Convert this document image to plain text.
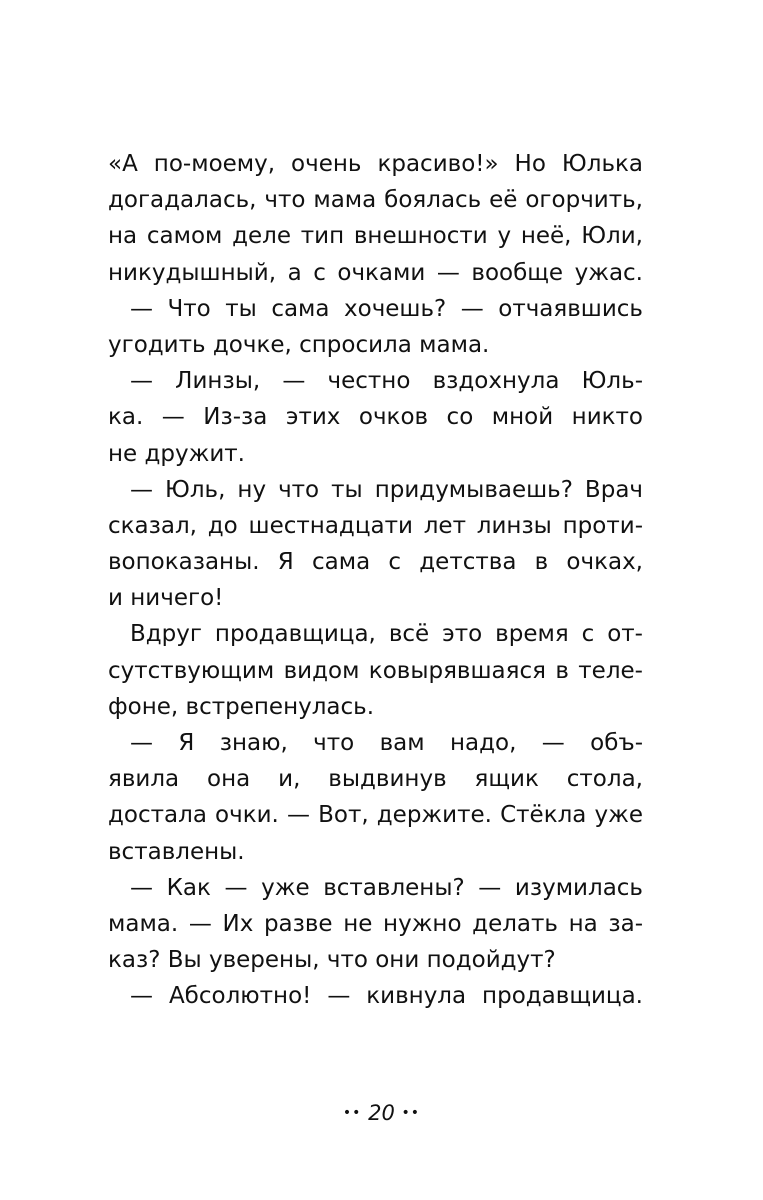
«А по-моему, очень красиво!» Но Юлька
догадалась, что мама боялась её огорчить,
на самом деле тип внешности у неё, Юли,
никудышный, а с очками — вообще ужас.
— Что ты сама хочешь? — отчаявшись
угодить дочке, спросила мама.
— Линзы, — честно вздохнула Юль-
ка. — Из-за этих очков со мной никто
не дружит.
— Юль, ну что ты придумываешь? Врач
сказал, до шестнадцати лет линзы проти-
вопоказаны. Я сама с детства в очках,
и ничего!
Вдруг продавщица, всё это время с от-
сутствующим видом ковырявшаяся в теле-
фоне, встрепенулась.
— Я знаю, что вам надо, — объ-
явила она и, выдвинув ящик стола,
достала очки. — Вот, держите. Стёкла уже
вставлены.
— Как — уже вставлены? — изумилась
мама. — Их разве не нужно делать на за-
каз? Вы уверены, что они подойдут?
— Абсолютно! — кивнула продавщица.
•• 20 ••
